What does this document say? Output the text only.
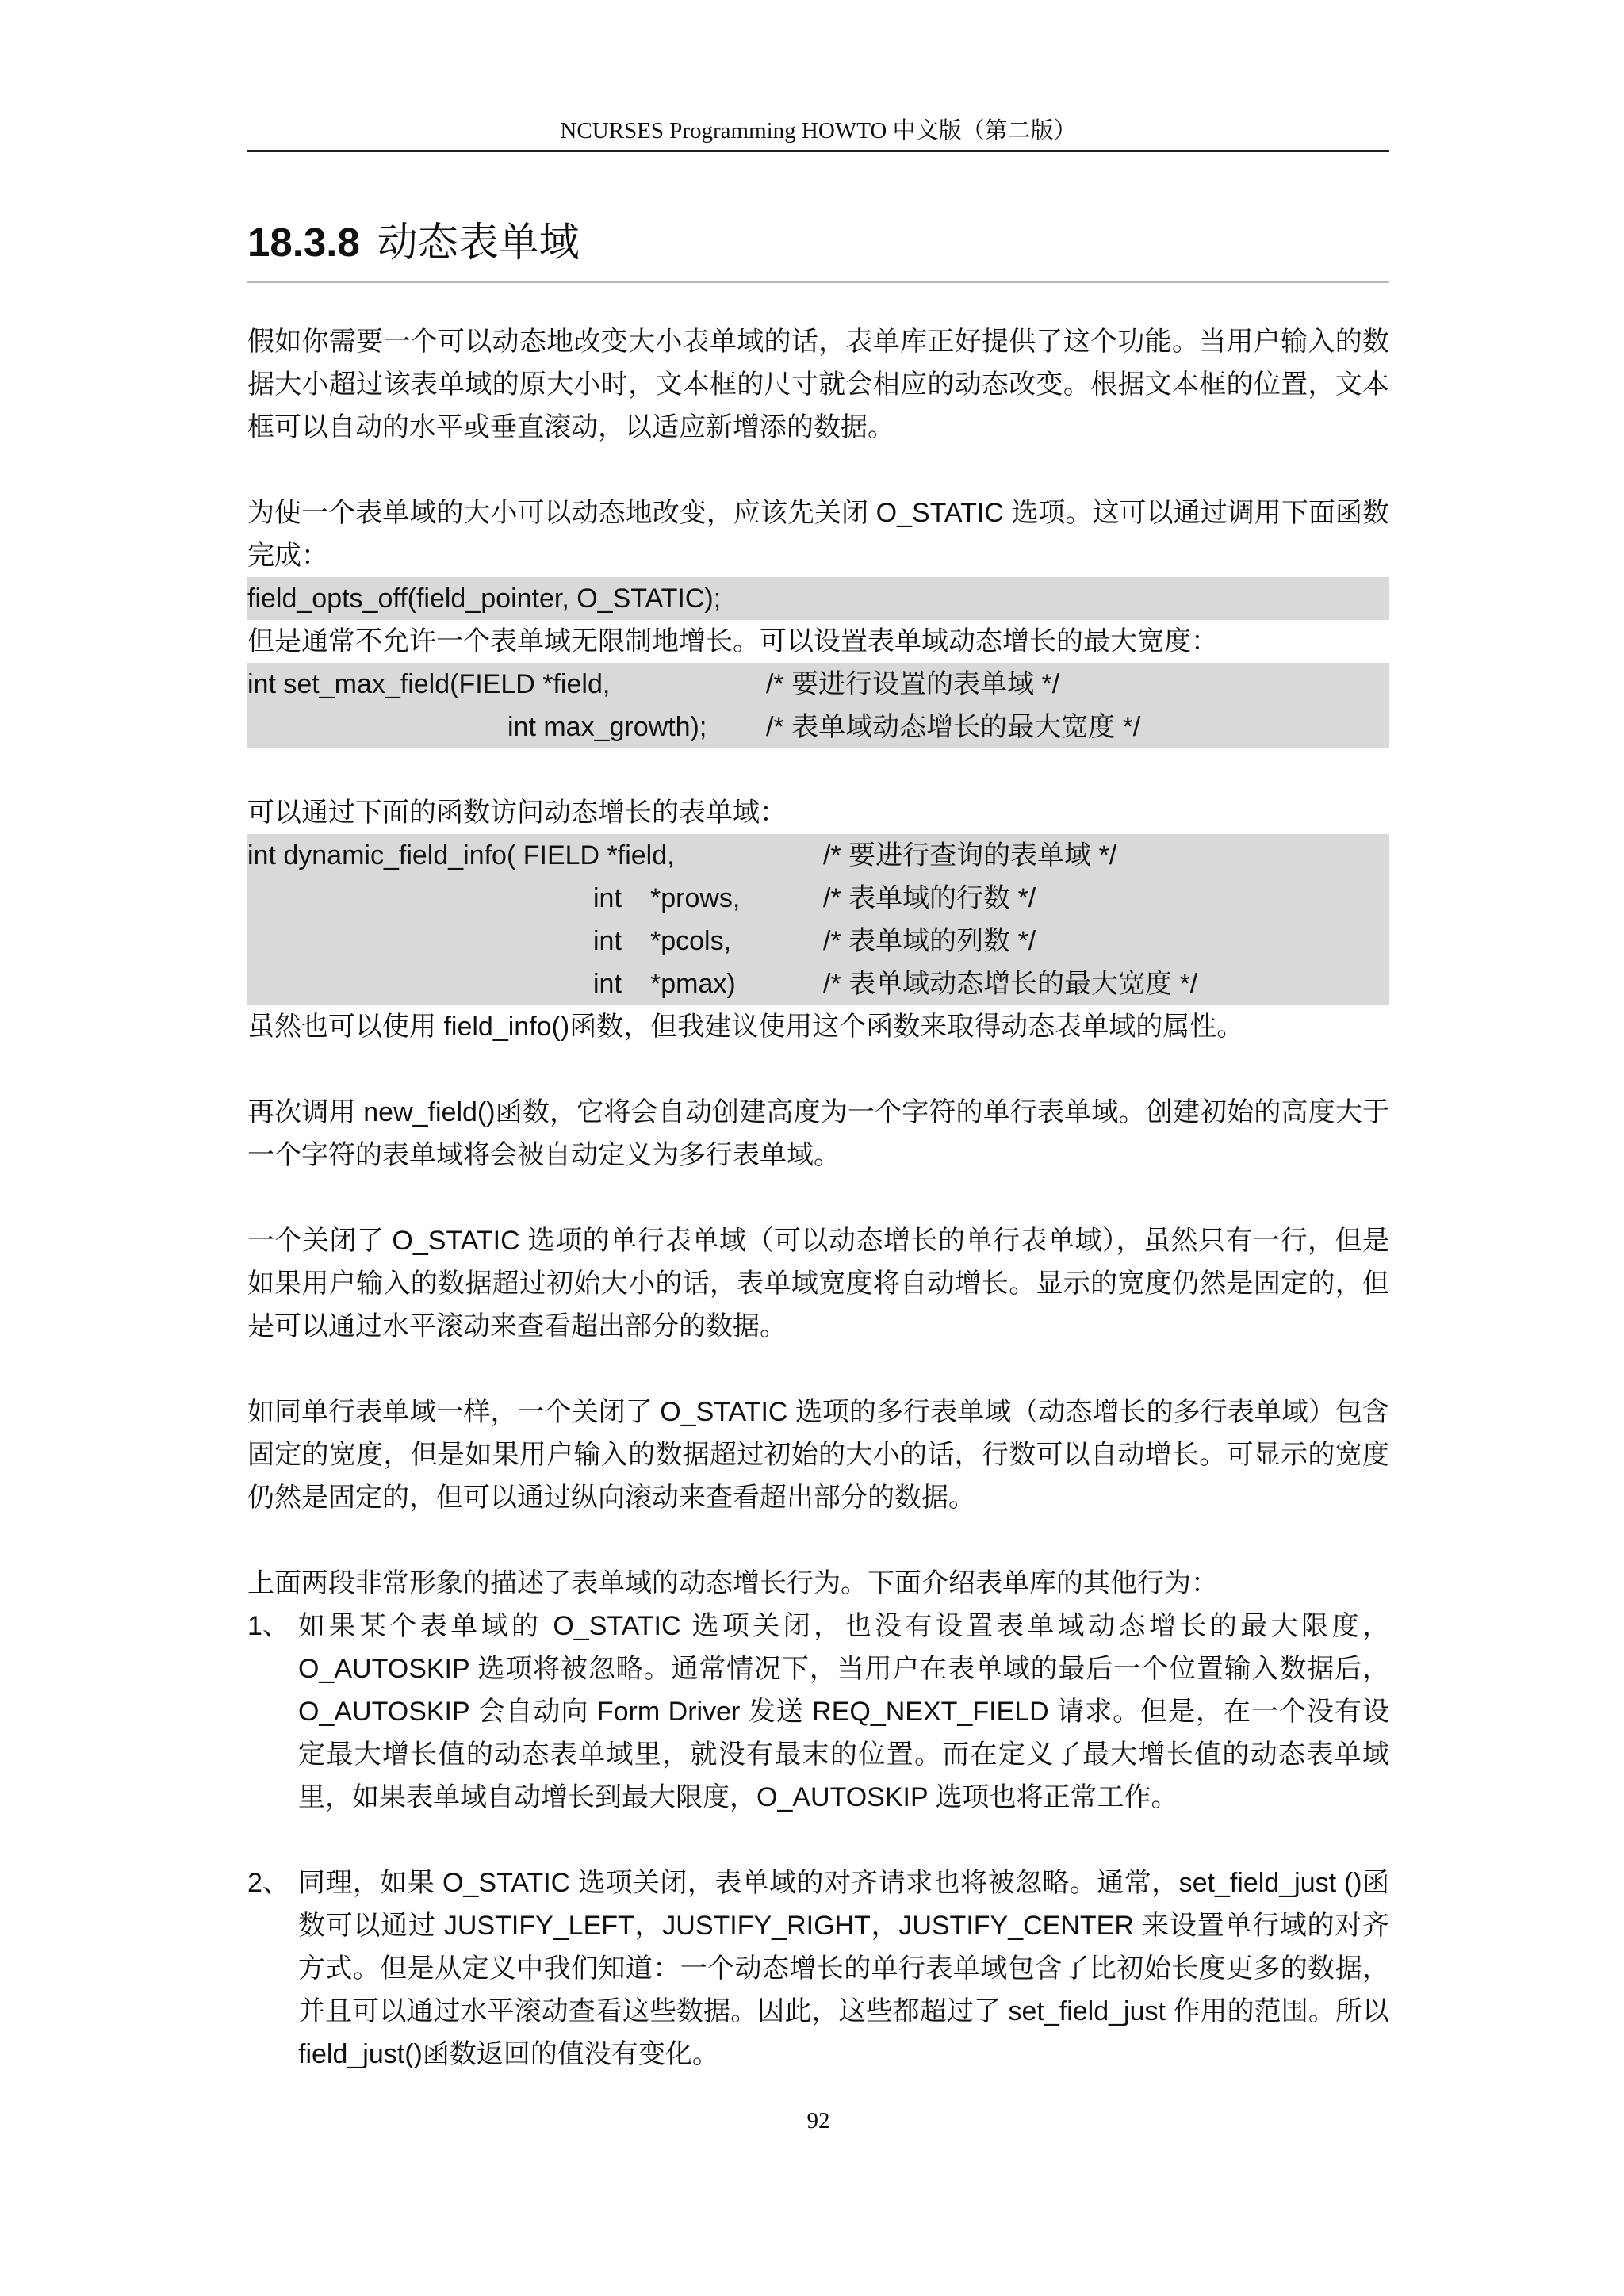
NCURSES Programming HOWTO 中文版（第二版）
18.3.8 动态表单域

假如你需要一个可以动态地改变大小表单域的话，表单库正好提供了这个功能。当用户输入的数据大小超过该表单域的原大小时，文本框的尺寸就会相应的动态改变。根据文本框的位置，文本框可以自动的水平或垂直滚动，以适应新增添的数据。

为使一个表单域的大小可以动态地改变，应该先关闭 O_STATIC 选项。这可以通过调用下面函数完成：

field_opts_off(field_pointer, O_STATIC);

但是通常不允许一个表单域无限制地增长。可以设置表单域动态增长的最大宽度：

int set_max_field(FIELD *field,	/* 要进行设置的表单域 */
int max_growth); /* 表单域动态增长的最大宽度 */

可以通过下面的函数访问动态增长的表单域：

int dynamic_field_info( FIELD *field,	/* 要进行查询的表单域 */
int *prows,	/* 表单域的行数 */
int *pcols,	/* 表单域的列数 */
int *pmax)	/* 表单域动态增长的最大宽度 */

虽然也可以使用 field_info()函数，但我建议使用这个函数来取得动态表单域的属性。

再次调用 new_field()函数，它将会自动创建高度为一个字符的单行表单域。创建初始的高度大于一个字符的表单域将会被自动定义为多行表单域。

一个关闭了 O_STATIC 选项的单行表单域（可以动态增长的单行表单域），虽然只有一行，但是如果用户输入的数据超过初始大小的话，表单域宽度将自动增长。显示的宽度仍然是固定的，但是可以通过水平滚动来查看超出部分的数据。

如同单行表单域一样，一个关闭了 O_STATIC 选项的多行表单域（动态增长的多行表单域）包含固定的宽度，但是如果用户输入的数据超过初始的大小的话，行数可以自动增长。可显示的宽度仍然是固定的，但可以通过纵向滚动来查看超出部分的数据。

上面两段非常形象的描述了表单域的动态增长行为。下面介绍表单库的其他行为：

1、 如果某个表单域的 O_STATIC 选项关闭，也没有设置表单域动态增长的最大限度，O_AUTOSKIP 选项将被忽略。通常情况下，当用户在表单域的最后一个位置输入数据后，O_AUTOSKIP 会自动向 Form Driver 发送 REQ_NEXT_FIELD 请求。但是，在一个没有设定最大增长值的动态表单域里，就没有最末的位置。而在定义了最大增长值的动态表单域里，如果表单域自动增长到最大限度，O_AUTOSKIP 选项也将正常工作。
2、 同理，如果 O_STATIC 选项关闭，表单域的对齐请求也将被忽略。通常，set_field_just ()函数可以通过 JUSTIFY_LEFT，JUSTIFY_RIGHT，JUSTIFY_CENTER 来设置单行域的对齐方式。但是从定义中我们知道：一个动态增长的单行表单域包含了比初始长度更多的数据，并且可以通过水平滚动查看这些数据。因此，这些都超过了 set_field_just 作用的范围。所以 field_just()函数返回的值没有变化。
92
